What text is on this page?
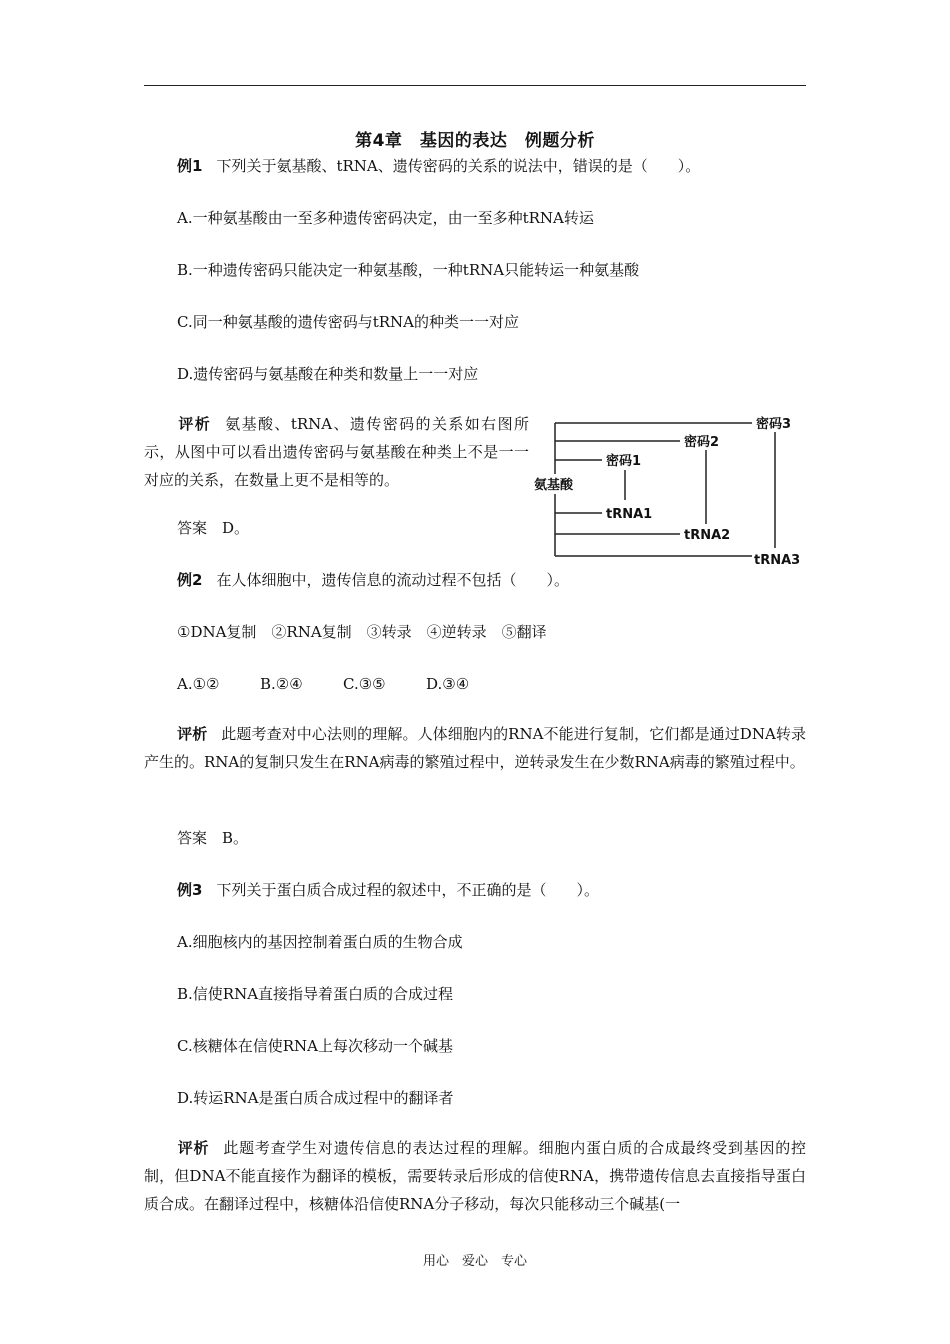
第4章　基因的表达　例题分析
例1 下列关于氨基酸、tRNA、遗传密码的关系的说法中，错误的是（　　）。
A.一种氨基酸由一至多种遗传密码决定，由一至多种tRNA转运
B.一种遗传密码只能决定一种氨基酸，一种tRNA只能转运一种氨基酸
C.同一种氨基酸的遗传密码与tRNA的种类一一对应
D.遗传密码与氨基酸在种类和数量上一一对应
评析 氨基酸、tRNA、遗传密码的关系如右图所示，从图中可以看出遗传密码与氨基酸在种类上不是一一对应的关系，在数量上更不是相等的。
答案　D。
氨基酸
密码1
密码2
密码3
tRNA1
tRNA2
tRNA3
例2 在人体细胞中，遗传信息的流动过程不包括（　　）。
①DNA复制　②RNA复制　③转录　④逆转录　⑤翻译
A.①②	B.②④	C.③⑤	D.③④
评析 此题考查对中心法则的理解。人体细胞内的RNA不能进行复制，它们都是通过DNA转录产生的。RNA的复制只发生在RNA病毒的繁殖过程中，逆转录发生在少数RNA病毒的繁殖过程中。
答案　B。
例3 下列关于蛋白质合成过程的叙述中，不正确的是（　　）。
A.细胞核内的基因控制着蛋白质的生物合成
B.信使RNA直接指导着蛋白质的合成过程
C.核糖体在信使RNA上每次移动一个碱基
D.转运RNA是蛋白质合成过程中的翻译者
评析 此题考查学生对遗传信息的表达过程的理解。细胞内蛋白质的合成最终受到基因的控制，但DNA不能直接作为翻译的模板，需要转录后形成的信使RNA，携带遗传信息去直接指导蛋白质合成。在翻译过程中，核糖体沿信使RNA分子移动，每次只能移动三个碱基(一
用心　爱心　专心
